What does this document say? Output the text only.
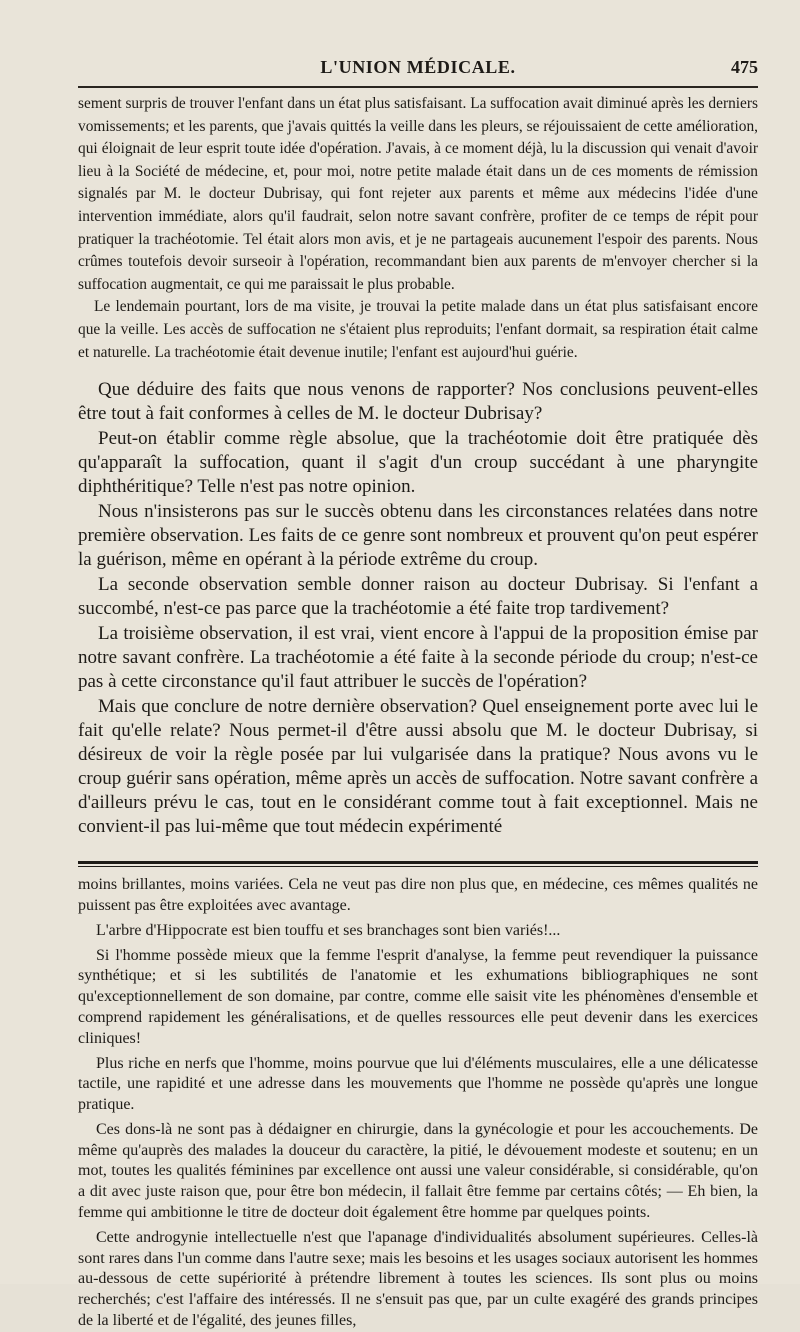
L'UNION MÉDICALE.	475

sement surpris de trouver l'enfant dans un état plus satisfaisant. La suffocation avait diminué après les derniers vomissements; et les parents, que j'avais quittés la veille dans les pleurs, se réjouissaient de cette amélioration, qui éloignait de leur esprit toute idée d'opération. J'avais, à ce moment déjà, lu la discussion qui venait d'avoir lieu à la Société de médecine, et, pour moi, notre petite malade était dans un de ces moments de rémission signalés par M. le docteur Dubrisay, qui font rejeter aux parents et même aux médecins l'idée d'une intervention immédiate, alors qu'il faudrait, selon notre savant confrère, profiter de ce temps de répit pour pratiquer la trachéotomie. Tel était alors mon avis, et je ne partageais aucunement l'espoir des parents. Nous crûmes toutefois devoir surseoir à l'opération, recommandant bien aux parents de m'envoyer chercher si la suffocation augmentait, ce qui me paraissait le plus probable.

Le lendemain pourtant, lors de ma visite, je trouvai la petite malade dans un état plus satisfaisant encore que la veille. Les accès de suffocation ne s'étaient plus reproduits; l'enfant dormait, sa respiration était calme et naturelle. La trachéotomie était devenue inutile; l'enfant est aujourd'hui guérie.

Que déduire des faits que nous venons de rapporter? Nos conclusions peuvent-elles être tout à fait conformes à celles de M. le docteur Dubrisay?

Peut-on établir comme règle absolue, que la trachéotomie doit être pratiquée dès qu'apparaît la suffocation, quant il s'agit d'un croup succédant à une pharyngite diphthéritique? Telle n'est pas notre opinion.

Nous n'insisterons pas sur le succès obtenu dans les circonstances relatées dans notre première observation. Les faits de ce genre sont nombreux et prouvent qu'on peut espérer la guérison, même en opérant à la période extrême du croup.

La seconde observation semble donner raison au docteur Dubrisay. Si l'enfant a succombé, n'est-ce pas parce que la trachéotomie a été faite trop tardivement?

La troisième observation, il est vrai, vient encore à l'appui de la proposition émise par notre savant confrère. La trachéotomie a été faite à la seconde période du croup; n'est-ce pas à cette circonstance qu'il faut attribuer le succès de l'opération?

Mais que conclure de notre dernière observation? Quel enseignement porte avec lui le fait qu'elle relate? Nous permet-il d'être aussi absolu que M. le docteur Dubrisay, si désireux de voir la règle posée par lui vulgarisée dans la pratique? Nous avons vu le croup guérir sans opération, même après un accès de suffocation. Notre savant confrère a d'ailleurs prévu le cas, tout en le considérant comme tout à fait exceptionnel. Mais ne convient-il pas lui-même que tout médecin expérimenté

moins brillantes, moins variées. Cela ne veut pas dire non plus que, en médecine, ces mêmes qualités ne puissent pas être exploitées avec avantage.

L'arbre d'Hippocrate est bien touffu et ses branchages sont bien variés!...

Si l'homme possède mieux que la femme l'esprit d'analyse, la femme peut revendiquer la puissance synthétique; et si les subtilités de l'anatomie et les exhumations bibliographiques ne sont qu'exceptionnellement de son domaine, par contre, comme elle saisit vite les phénomènes d'ensemble et comprend rapidement les généralisations, et de quelles ressources elle peut devenir dans les exercices cliniques!

Plus riche en nerfs que l'homme, moins pourvue que lui d'éléments musculaires, elle a une délicatesse tactile, une rapidité et une adresse dans les mouvements que l'homme ne possède qu'après une longue pratique.

Ces dons-là ne sont pas à dédaigner en chirurgie, dans la gynécologie et pour les accouchements. De même qu'auprès des malades la douceur du caractère, la pitié, le dévouement modeste et soutenu; en un mot, toutes les qualités féminines par excellence ont aussi une valeur considérable, si considérable, qu'on a dit avec juste raison que, pour être bon médecin, il fallait être femme par certains côtés; — Eh bien, la femme qui ambitionne le titre de docteur doit également être homme par quelques points.

Cette androgynie intellectuelle n'est que l'apanage d'individualités absolument supérieures. Celles-là sont rares dans l'un comme dans l'autre sexe; mais les besoins et les usages sociaux autorisent les hommes au-dessous de cette supériorité à prétendre librement à toutes les sciences. Ils sont plus ou moins recherchés; c'est l'affaire des intéressés. Il ne s'ensuit pas que, par un culte exagéré des grands principes de la liberté et de l'égalité, des jeunes filles,
